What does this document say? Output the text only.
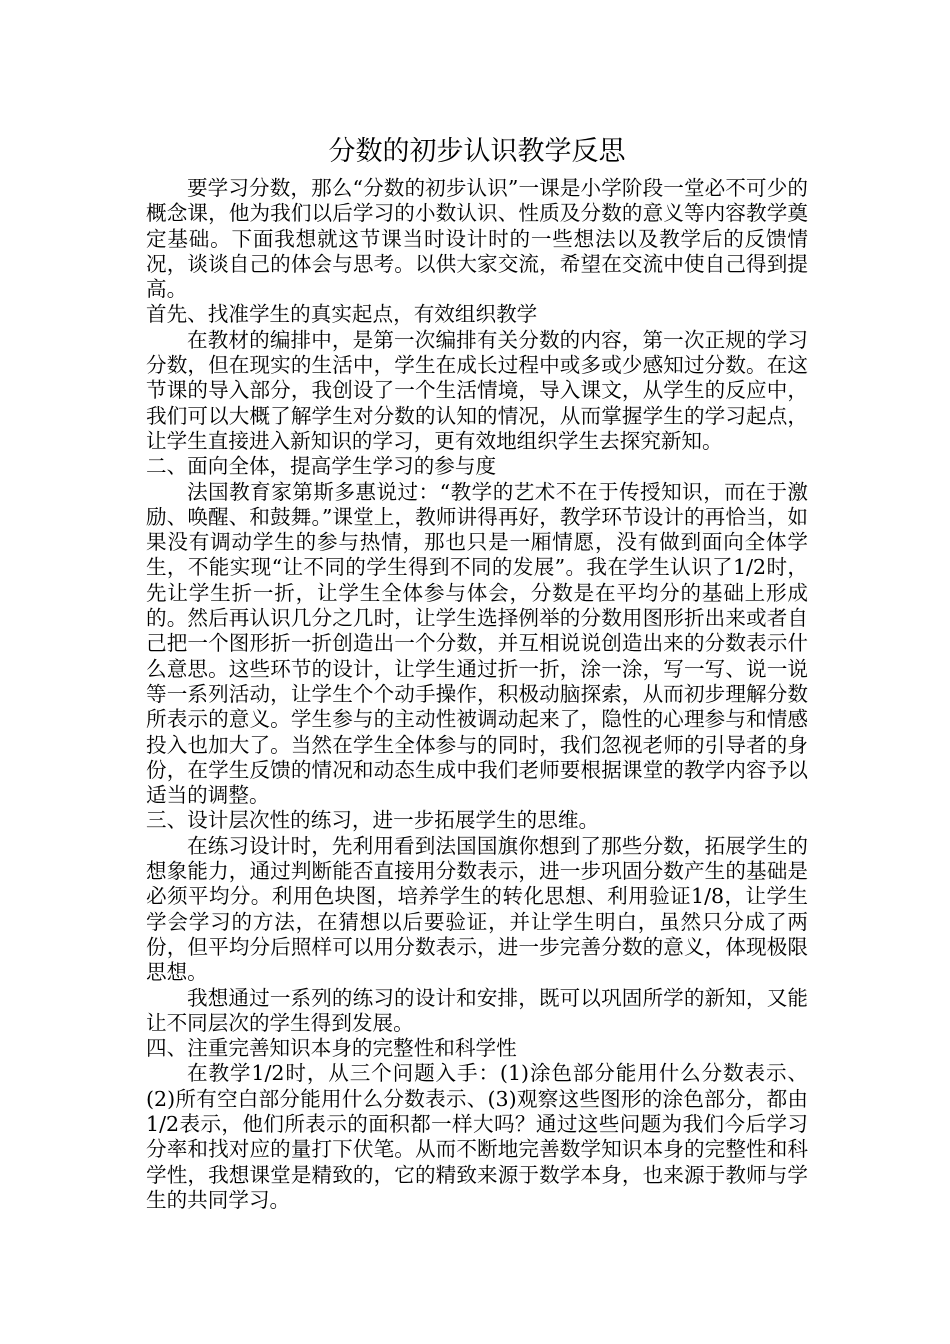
分数的初步认识教学反思

要学习分数，那么“分数的初步认识”一课是小学阶段一堂必不可少的概念课，他为我们以后学习的小数认识、性质及分数的意义等内容教学奠定基础。下面我想就这节课当时设计时的一些想法以及教学后的反馈情况，谈谈自己的体会与思考。以供大家交流，希望在交流中使自己得到提高。

首先、找准学生的真实起点，有效组织教学

在教材的编排中，是第一次编排有关分数的内容，第一次正规的学习分数，但在现实的生活中，学生在成长过程中或多或少感知过分数。在这节课的导入部分，我创设了一个生活情境，导入课文，从学生的反应中，我们可以大概了解学生对分数的认知的情况，从而掌握学生的学习起点，让学生直接进入新知识的学习，更有效地组织学生去探究新知。

二、面向全体，提高学生学习的参与度

法国教育家第斯多惠说过：“教学的艺术不在于传授知识，而在于激励、唤醒、和鼓舞。”课堂上，教师讲得再好，教学环节设计的再恰当，如果没有调动学生的参与热情，那也只是一厢情愿，没有做到面向全体学生，不能实现“让不同的学生得到不同的发展”。我在学生认识了1/2时，先让学生折一折，让学生全体参与体会，分数是在平均分的基础上形成的。然后再认识几分之几时，让学生选择例举的分数用图形折出来或者自己把一个图形折一折创造出一个分数，并互相说说创造出来的分数表示什么意思。这些环节的设计，让学生通过折一折，涂一涂，写一写、说一说等一系列活动，让学生个个动手操作，积极动脑探索，从而初步理解分数所表示的意义。学生参与的主动性被调动起来了，隐性的心理参与和情感投入也加大了。当然在学生全体参与的同时，我们忽视老师的引导者的身份，在学生反馈的情况和动态生成中我们老师要根据课堂的教学内容予以适当的调整。

三、设计层次性的练习，进一步拓展学生的思维。

在练习设计时，先利用看到法国国旗你想到了那些分数，拓展学生的想象能力，通过判断能否直接用分数表示，进一步巩固分数产生的基础是必须平均分。利用色块图，培养学生的转化思想、利用验证1/8，让学生学会学习的方法，在猜想以后要验证，并让学生明白，虽然只分成了两份，但平均分后照样可以用分数表示，进一步完善分数的意义，体现极限思想。

我想通过一系列的练习的设计和安排，既可以巩固所学的新知，又能让不同层次的学生得到发展。

四、注重完善知识本身的完整性和科学性

在教学1/2时，从三个问题入手：(1)涂色部分能用什么分数表示、(2)所有空白部分能用什么分数表示、(3)观察这些图形的涂色部分，都由1/2表示，他们所表示的面积都一样大吗？通过这些问题为我们今后学习分率和找对应的量打下伏笔。从而不断地完善数学知识本身的完整性和科学性，我想课堂是精致的，它的精致来源于数学本身，也来源于教师与学生的共同学习。
